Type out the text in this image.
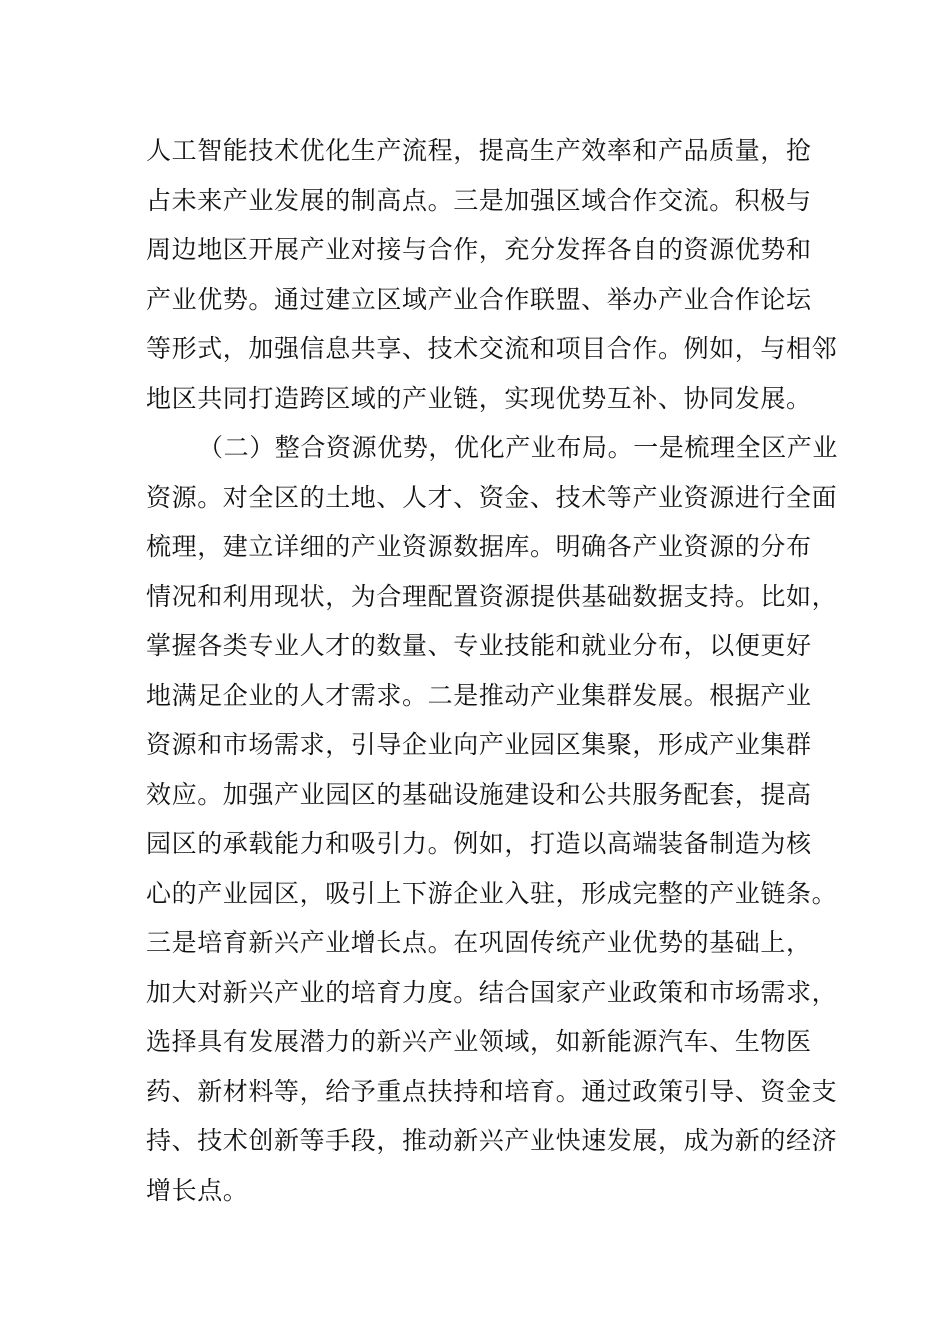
人工智能技术优化生产流程，提高生产效率和产品质量，抢
占未来产业发展的制高点。三是加强区域合作交流。积极与
周边地区开展产业对接与合作，充分发挥各自的资源优势和
产业优势。通过建立区域产业合作联盟、举办产业合作论坛
等形式，加强信息共享、技术交流和项目合作。例如，与相邻
地区共同打造跨区域的产业链，实现优势互补、协同发展。
（二）整合资源优势，优化产业布局。一是梳理全区产业
资源。对全区的土地、人才、资金、技术等产业资源进行全面
梳理，建立详细的产业资源数据库。明确各产业资源的分布
情况和利用现状，为合理配置资源提供基础数据支持。比如，
掌握各类专业人才的数量、专业技能和就业分布，以便更好
地满足企业的人才需求。二是推动产业集群发展。根据产业
资源和市场需求，引导企业向产业园区集聚，形成产业集群
效应。加强产业园区的基础设施建设和公共服务配套，提高
园区的承载能力和吸引力。例如，打造以高端装备制造为核
心的产业园区，吸引上下游企业入驻，形成完整的产业链条。
三是培育新兴产业增长点。在巩固传统产业优势的基础上，
加大对新兴产业的培育力度。结合国家产业政策和市场需求，
选择具有发展潜力的新兴产业领域，如新能源汽车、生物医
药、新材料等，给予重点扶持和培育。通过政策引导、资金支
持、技术创新等手段，推动新兴产业快速发展，成为新的经济
增长点。
